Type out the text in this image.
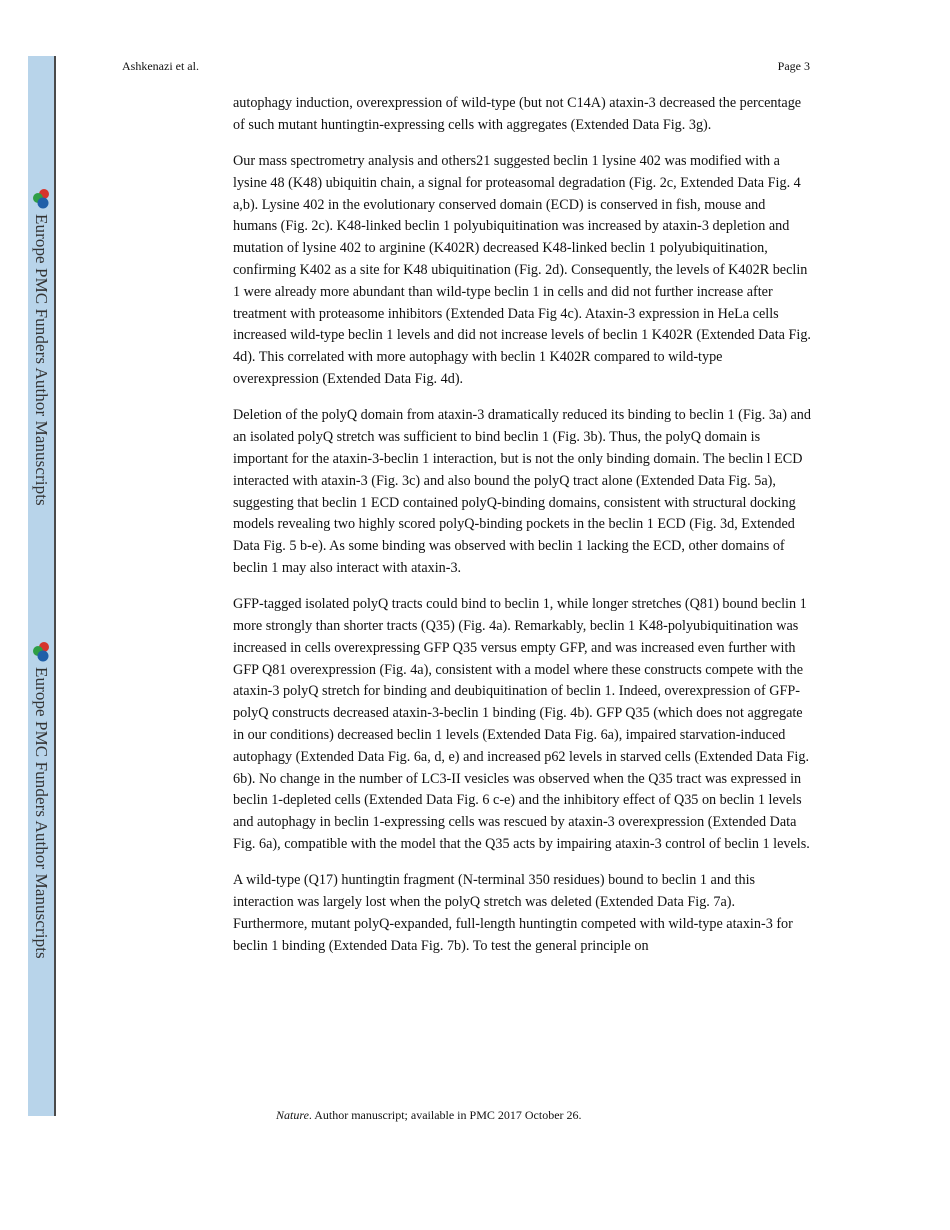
Europe PMC Funders Author Manuscripts
Europe PMC Funders Author Manuscripts
Ashkenazi et al.	Page 3

autophagy induction, overexpression of wild-type (but not C14A) ataxin-3 decreased the percentage of such mutant huntingtin-expressing cells with aggregates (Extended Data Fig. 3g).

Our mass spectrometry analysis and others21 suggested beclin 1 lysine 402 was modified with a lysine 48 (K48) ubiquitin chain, a signal for proteasomal degradation (Fig. 2c, Extended Data Fig. 4 a,b). Lysine 402 in the evolutionary conserved domain (ECD) is conserved in fish, mouse and humans (Fig. 2c). K48-linked beclin 1 polyubiquitination was increased by ataxin-3 depletion and mutation of lysine 402 to arginine (K402R) decreased K48-linked beclin 1 polyubiquitination, confirming K402 as a site for K48 ubiquitination (Fig. 2d). Consequently, the levels of K402R beclin 1 were already more abundant than wild-type beclin 1 in cells and did not further increase after treatment with proteasome inhibitors (Extended Data Fig 4c). Ataxin-3 expression in HeLa cells increased wild-type beclin 1 levels and did not increase levels of beclin 1 K402R (Extended Data Fig. 4d). This correlated with more autophagy with beclin 1 K402R compared to wild-type overexpression (Extended Data Fig. 4d).

Deletion of the polyQ domain from ataxin-3 dramatically reduced its binding to beclin 1 (Fig. 3a) and an isolated polyQ stretch was sufficient to bind beclin 1 (Fig. 3b). Thus, the polyQ domain is important for the ataxin-3-beclin 1 interaction, but is not the only binding domain. The beclin l ECD interacted with ataxin-3 (Fig. 3c) and also bound the polyQ tract alone (Extended Data Fig. 5a), suggesting that beclin 1 ECD contained polyQ-binding domains, consistent with structural docking models revealing two highly scored polyQ-binding pockets in the beclin 1 ECD (Fig. 3d, Extended Data Fig. 5 b-e). As some binding was observed with beclin 1 lacking the ECD, other domains of beclin 1 may also interact with ataxin-3.

GFP-tagged isolated polyQ tracts could bind to beclin 1, while longer stretches (Q81) bound beclin 1 more strongly than shorter tracts (Q35) (Fig. 4a). Remarkably, beclin 1 K48-polyubiquitination was increased in cells overexpressing GFP Q35 versus empty GFP, and was increased even further with GFP Q81 overexpression (Fig. 4a), consistent with a model where these constructs compete with the ataxin-3 polyQ stretch for binding and deubiquitination of beclin 1. Indeed, overexpression of GFP-polyQ constructs decreased ataxin-3-beclin 1 binding (Fig. 4b). GFP Q35 (which does not aggregate in our conditions) decreased beclin 1 levels (Extended Data Fig. 6a), impaired starvation-induced autophagy (Extended Data Fig. 6a, d, e) and increased p62 levels in starved cells (Extended Data Fig. 6b). No change in the number of LC3-II vesicles was observed when the Q35 tract was expressed in beclin 1-depleted cells (Extended Data Fig. 6 c-e) and the inhibitory effect of Q35 on beclin 1 levels and autophagy in beclin 1-expressing cells was rescued by ataxin-3 overexpression (Extended Data Fig. 6a), compatible with the model that the Q35 acts by impairing ataxin-3 control of beclin 1 levels.

A wild-type (Q17) huntingtin fragment (N-terminal 350 residues) bound to beclin 1 and this interaction was largely lost when the polyQ stretch was deleted (Extended Data Fig. 7a). Furthermore, mutant polyQ-expanded, full-length huntingtin competed with wild-type ataxin-3 for beclin 1 binding (Extended Data Fig. 7b). To test the general principle on

Nature. Author manuscript; available in PMC 2017 October 26.
